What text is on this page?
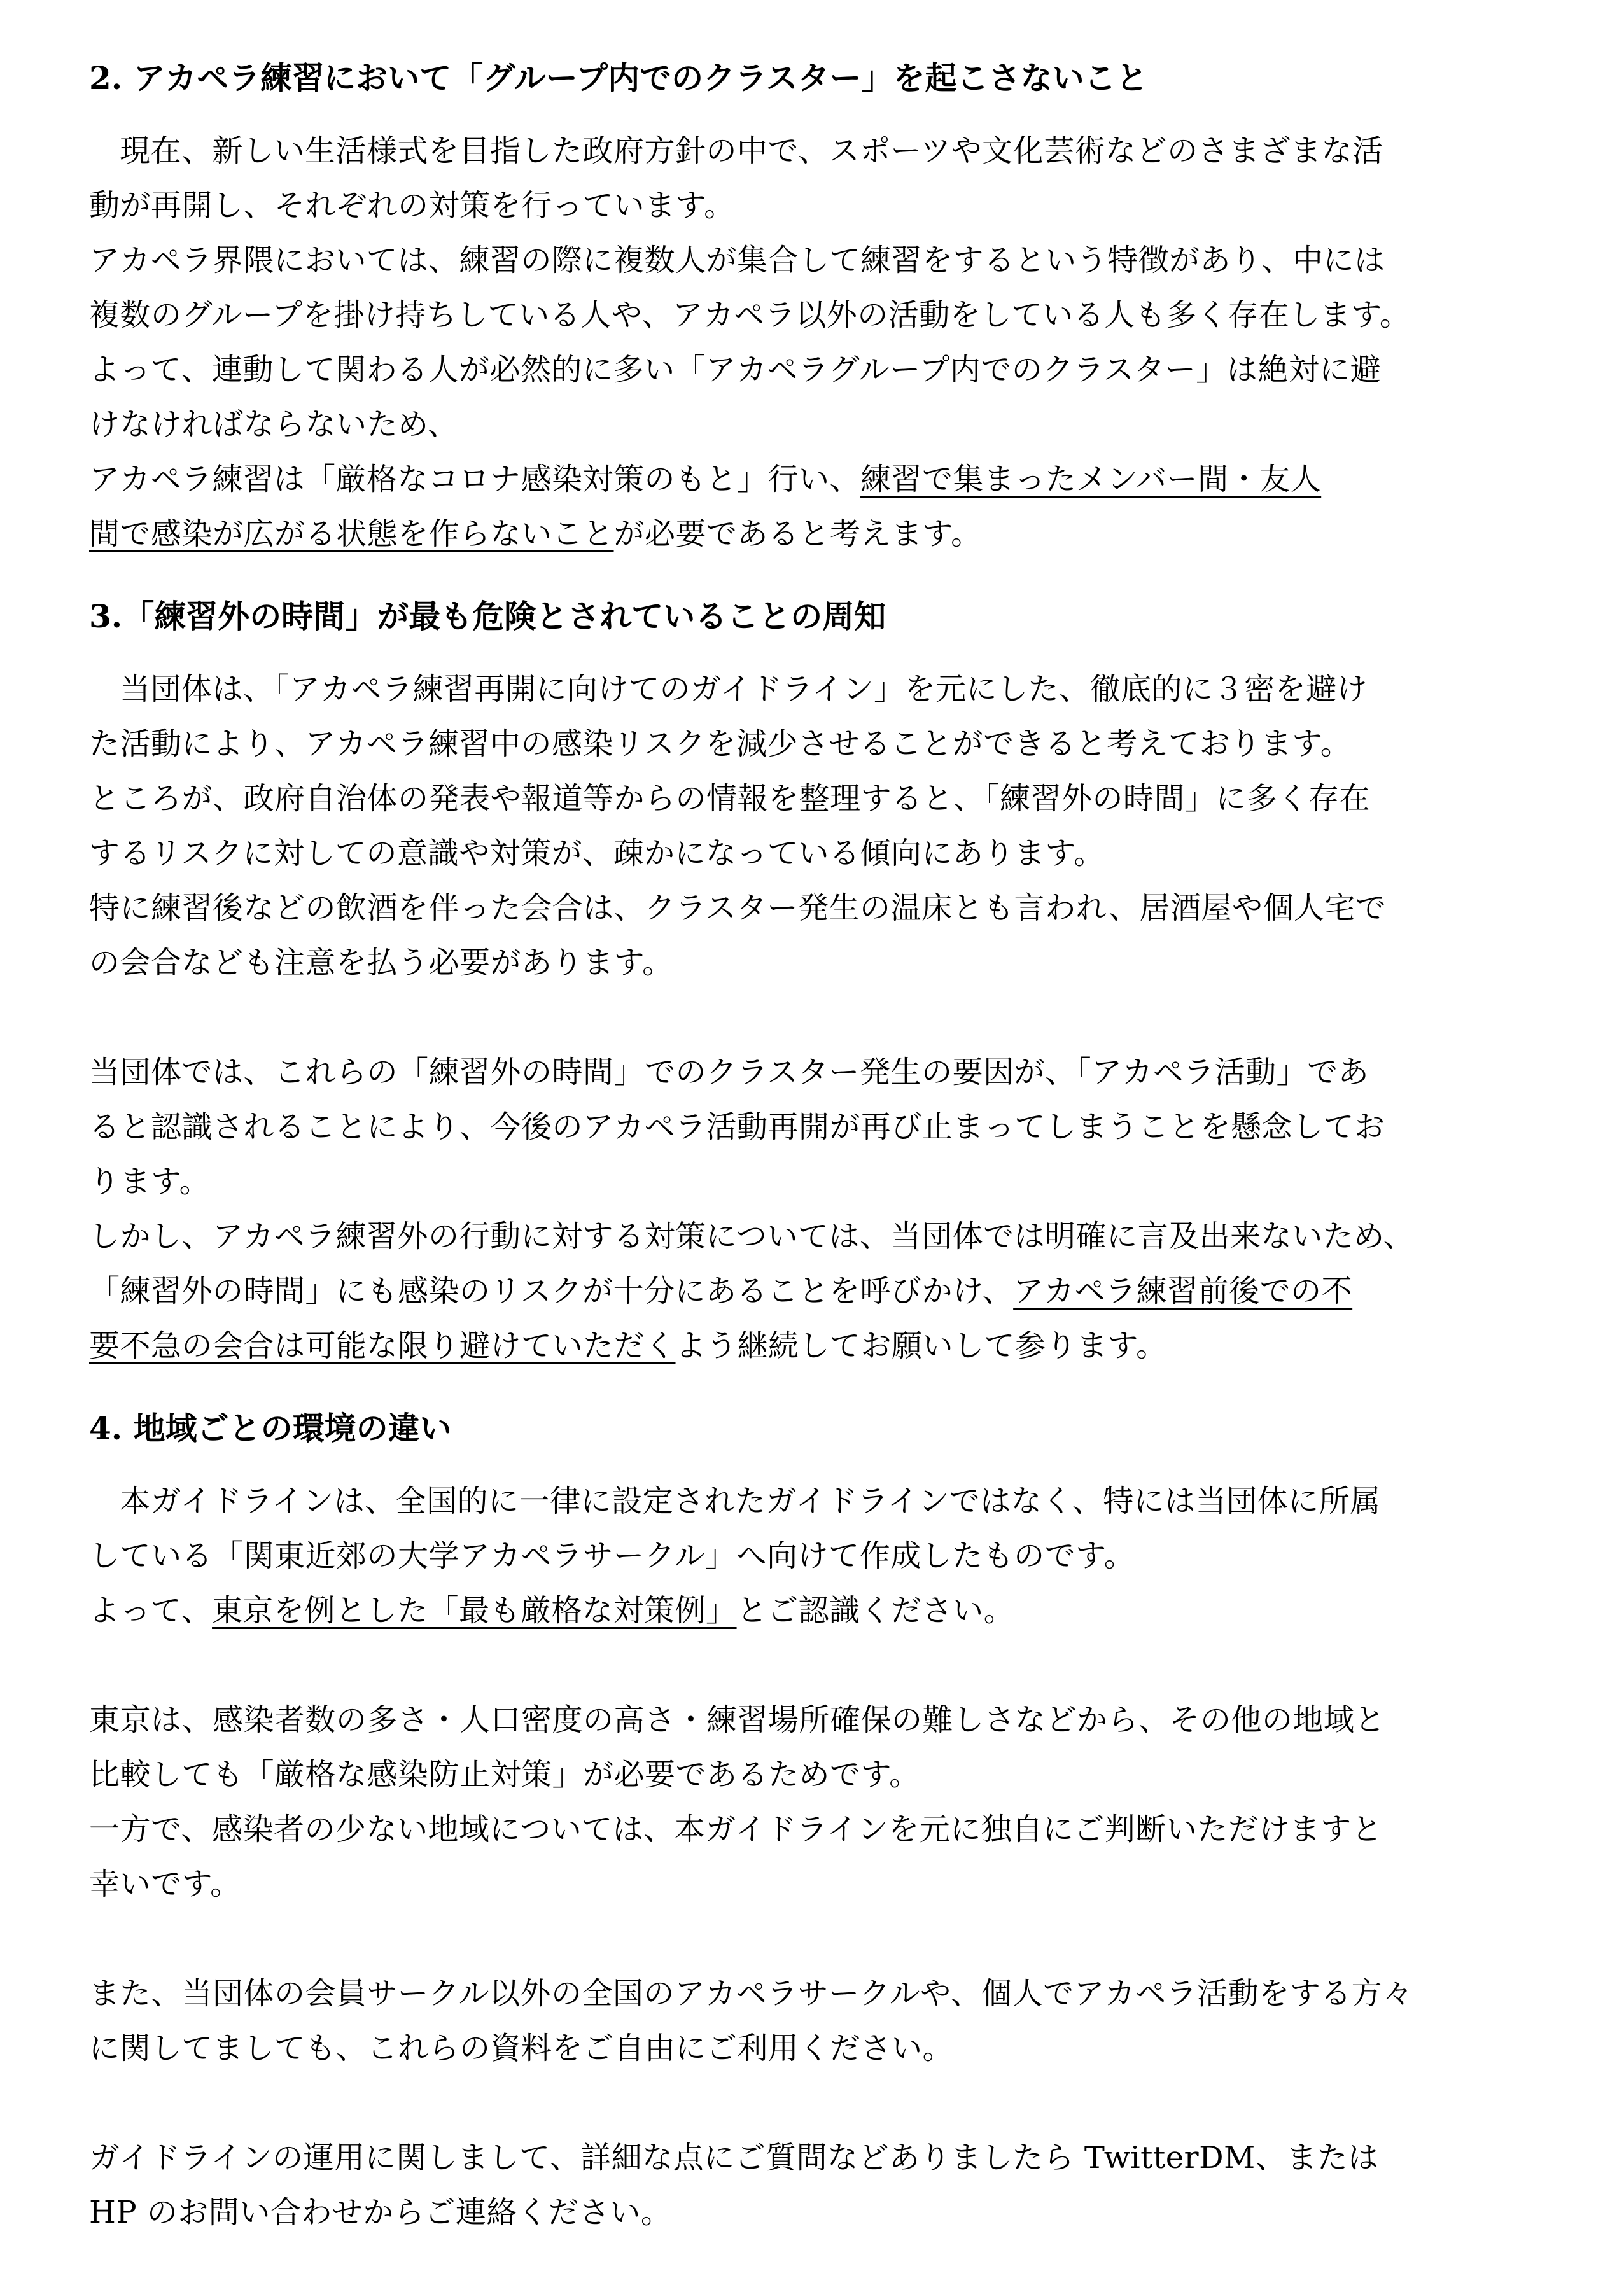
2. アカペラ練習において「グループ内でのクラスター」を起こさないこと
現在、新しい生活様式を目指した政府方針の中で、スポーツや文化芸術などのさまざまな活
動が再開し、それぞれの対策を行っています。
アカペラ界隈においては、練習の際に複数人が集合して練習をするという特徴があり、中には
複数のグループを掛け持ちしている人や、アカペラ以外の活動をしている人も多く存在します。
よって、連動して関わる人が必然的に多い「アカペラグループ内でのクラスター」は絶対に避
けなければならないため、
アカペラ練習は「厳格なコロナ感染対策のもと」行い、練習で集まったメンバー間・友人
間で感染が広がる状態を作らないことが必要であると考えます。
3.「練習外の時間」が最も危険とされていることの周知
当団体は、「アカペラ練習再開に向けてのガイドライン」を元にした、徹底的に３密を避け
た活動により、アカペラ練習中の感染リスクを減少させることができると考えております。
ところが、政府自治体の発表や報道等からの情報を整理すると、「練習外の時間」に多く存在
するリスクに対しての意識や対策が、疎かになっている傾向にあります。
特に練習後などの飲酒を伴った会合は、クラスター発生の温床とも言われ、居酒屋や個人宅で
の会合なども注意を払う必要があります。
当団体では、これらの「練習外の時間」でのクラスター発生の要因が、「アカペラ活動」であ
ると認識されることにより、今後のアカペラ活動再開が再び止まってしまうことを懸念してお
ります。
しかし、アカペラ練習外の行動に対する対策については、当団体では明確に言及出来ないため、
「練習外の時間」にも感染のリスクが十分にあることを呼びかけ、アカペラ練習前後での不
要不急の会合は可能な限り避けていただくよう継続してお願いして参ります。
4. 地域ごとの環境の違い
本ガイドラインは、全国的に一律に設定されたガイドラインではなく、特には当団体に所属
している「関東近郊の大学アカペラサークル」へ向けて作成したものです。
よって、東京を例とした「最も厳格な対策例」とご認識ください。
東京は、感染者数の多さ・人口密度の高さ・練習場所確保の難しさなどから、その他の地域と
比較しても「厳格な感染防止対策」が必要であるためです。
一方で、感染者の少ない地域については、本ガイドラインを元に独自にご判断いただけますと
幸いです。
また、当団体の会員サークル以外の全国のアカペラサークルや、個人でアカペラ活動をする方々
に関してましても、これらの資料をご自由にご利用ください。
ガイドラインの運用に関しまして、詳細な点にご質問などありましたら TwitterDM、または
HP のお問い合わせからご連絡ください。
